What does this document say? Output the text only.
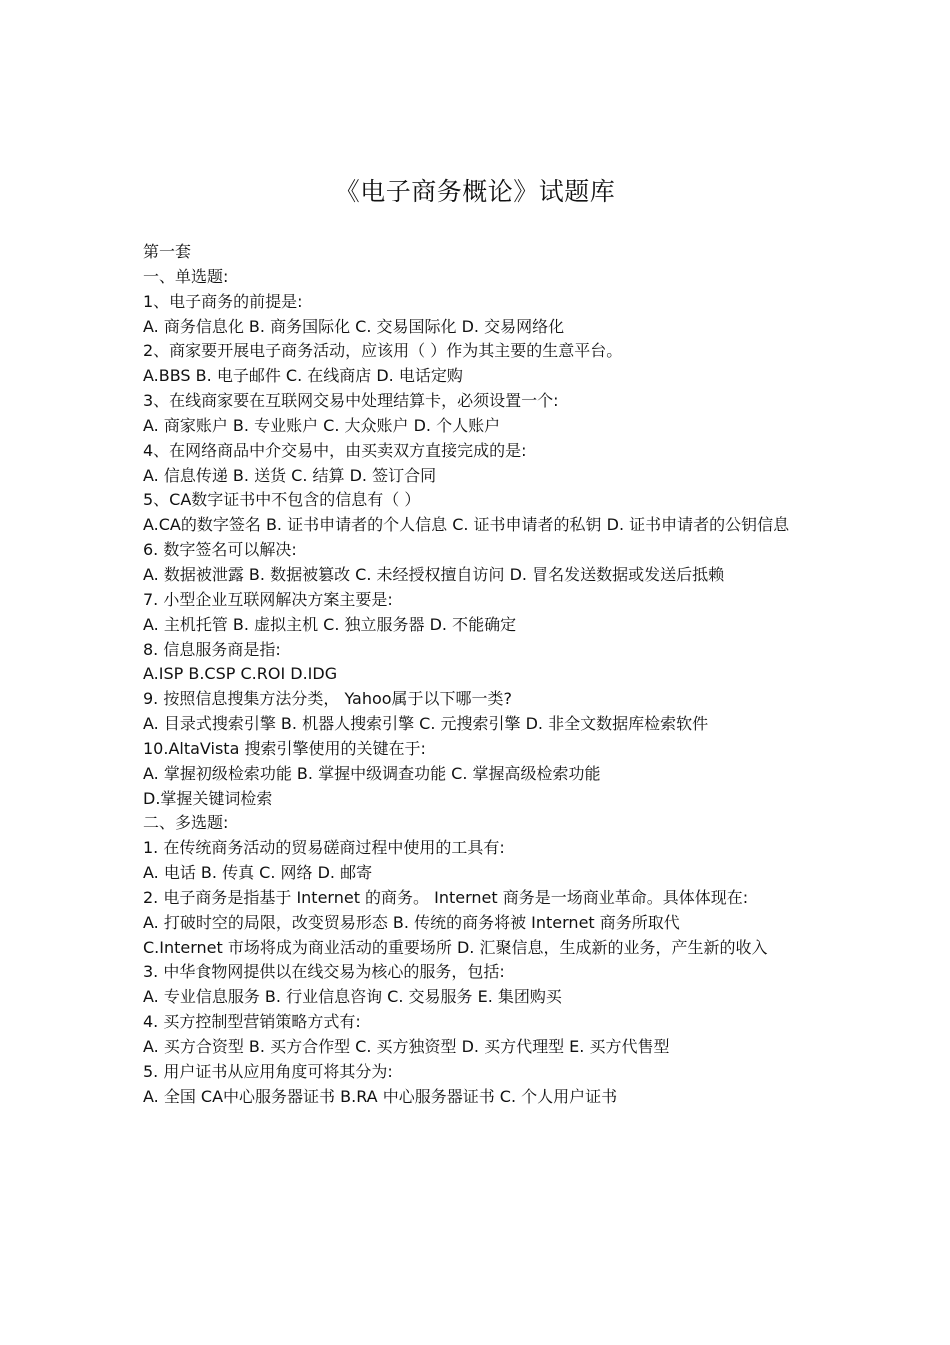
《电子商务概论》试题库

第一套

一、单选题:

1、电子商务的前提是:

A. 商务信息化 B. 商务国际化 C. 交易国际化 D. 交易网络化

2、商家要开展电子商务活动，应该用（ ）作为其主要的生意平台。

A.BBS B. 电子邮件 C. 在线商店 D. 电话定购

3、在线商家要在互联网交易中处理结算卡，必须设置一个:

A. 商家账户 B. 专业账户 C. 大众账户 D. 个人账户

4、在网络商品中介交易中，由买卖双方直接完成的是:

A. 信息传递 B. 送货 C. 结算 D. 签订合同

5、CA数字证书中不包含的信息有（ ）

A.CA的数字签名 B. 证书申请者的个人信息 C. 证书申请者的私钥 D. 证书申请者的公钥信息

6. 数字签名可以解决:

A. 数据被泄露 B. 数据被篡改 C. 未经授权擅自访问 D. 冒名发送数据或发送后抵赖

7. 小型企业互联网解决方案主要是:

A. 主机托管 B. 虚拟主机 C. 独立服务器 D. 不能确定

8. 信息服务商是指:

A.ISP B.CSP C.ROI D.IDG

9. 按照信息搜集方法分类， Yahoo属于以下哪一类?

A. 目录式搜索引擎 B. 机器人搜索引擎 C. 元搜索引擎 D. 非全文数据库检索软件

10.AltaVista 搜索引擎使用的关键在于:

A. 掌握初级检索功能 B. 掌握中级调查功能 C. 掌握高级检索功能

D.掌握关键词检索

二、多选题:

1. 在传统商务活动的贸易磋商过程中使用的工具有:

A. 电话 B. 传真 C. 网络 D. 邮寄

2. 电子商务是指基于 Internet 的商务。 Internet 商务是一场商业革命。具体体现在:

A. 打破时空的局限，改变贸易形态 B. 传统的商务将被 Internet 商务所取代

C.Internet 市场将成为商业活动的重要场所 D. 汇聚信息，生成新的业务，产生新的收入

3. 中华食物网提供以在线交易为核心的服务，包括:

A. 专业信息服务 B. 行业信息咨询 C. 交易服务 E. 集团购买

4. 买方控制型营销策略方式有:

A. 买方合资型 B. 买方合作型 C. 买方独资型 D. 买方代理型 E. 买方代售型

5. 用户证书从应用角度可将其分为:

A. 全国 CA中心服务器证书 B.RA 中心服务器证书 C. 个人用户证书
